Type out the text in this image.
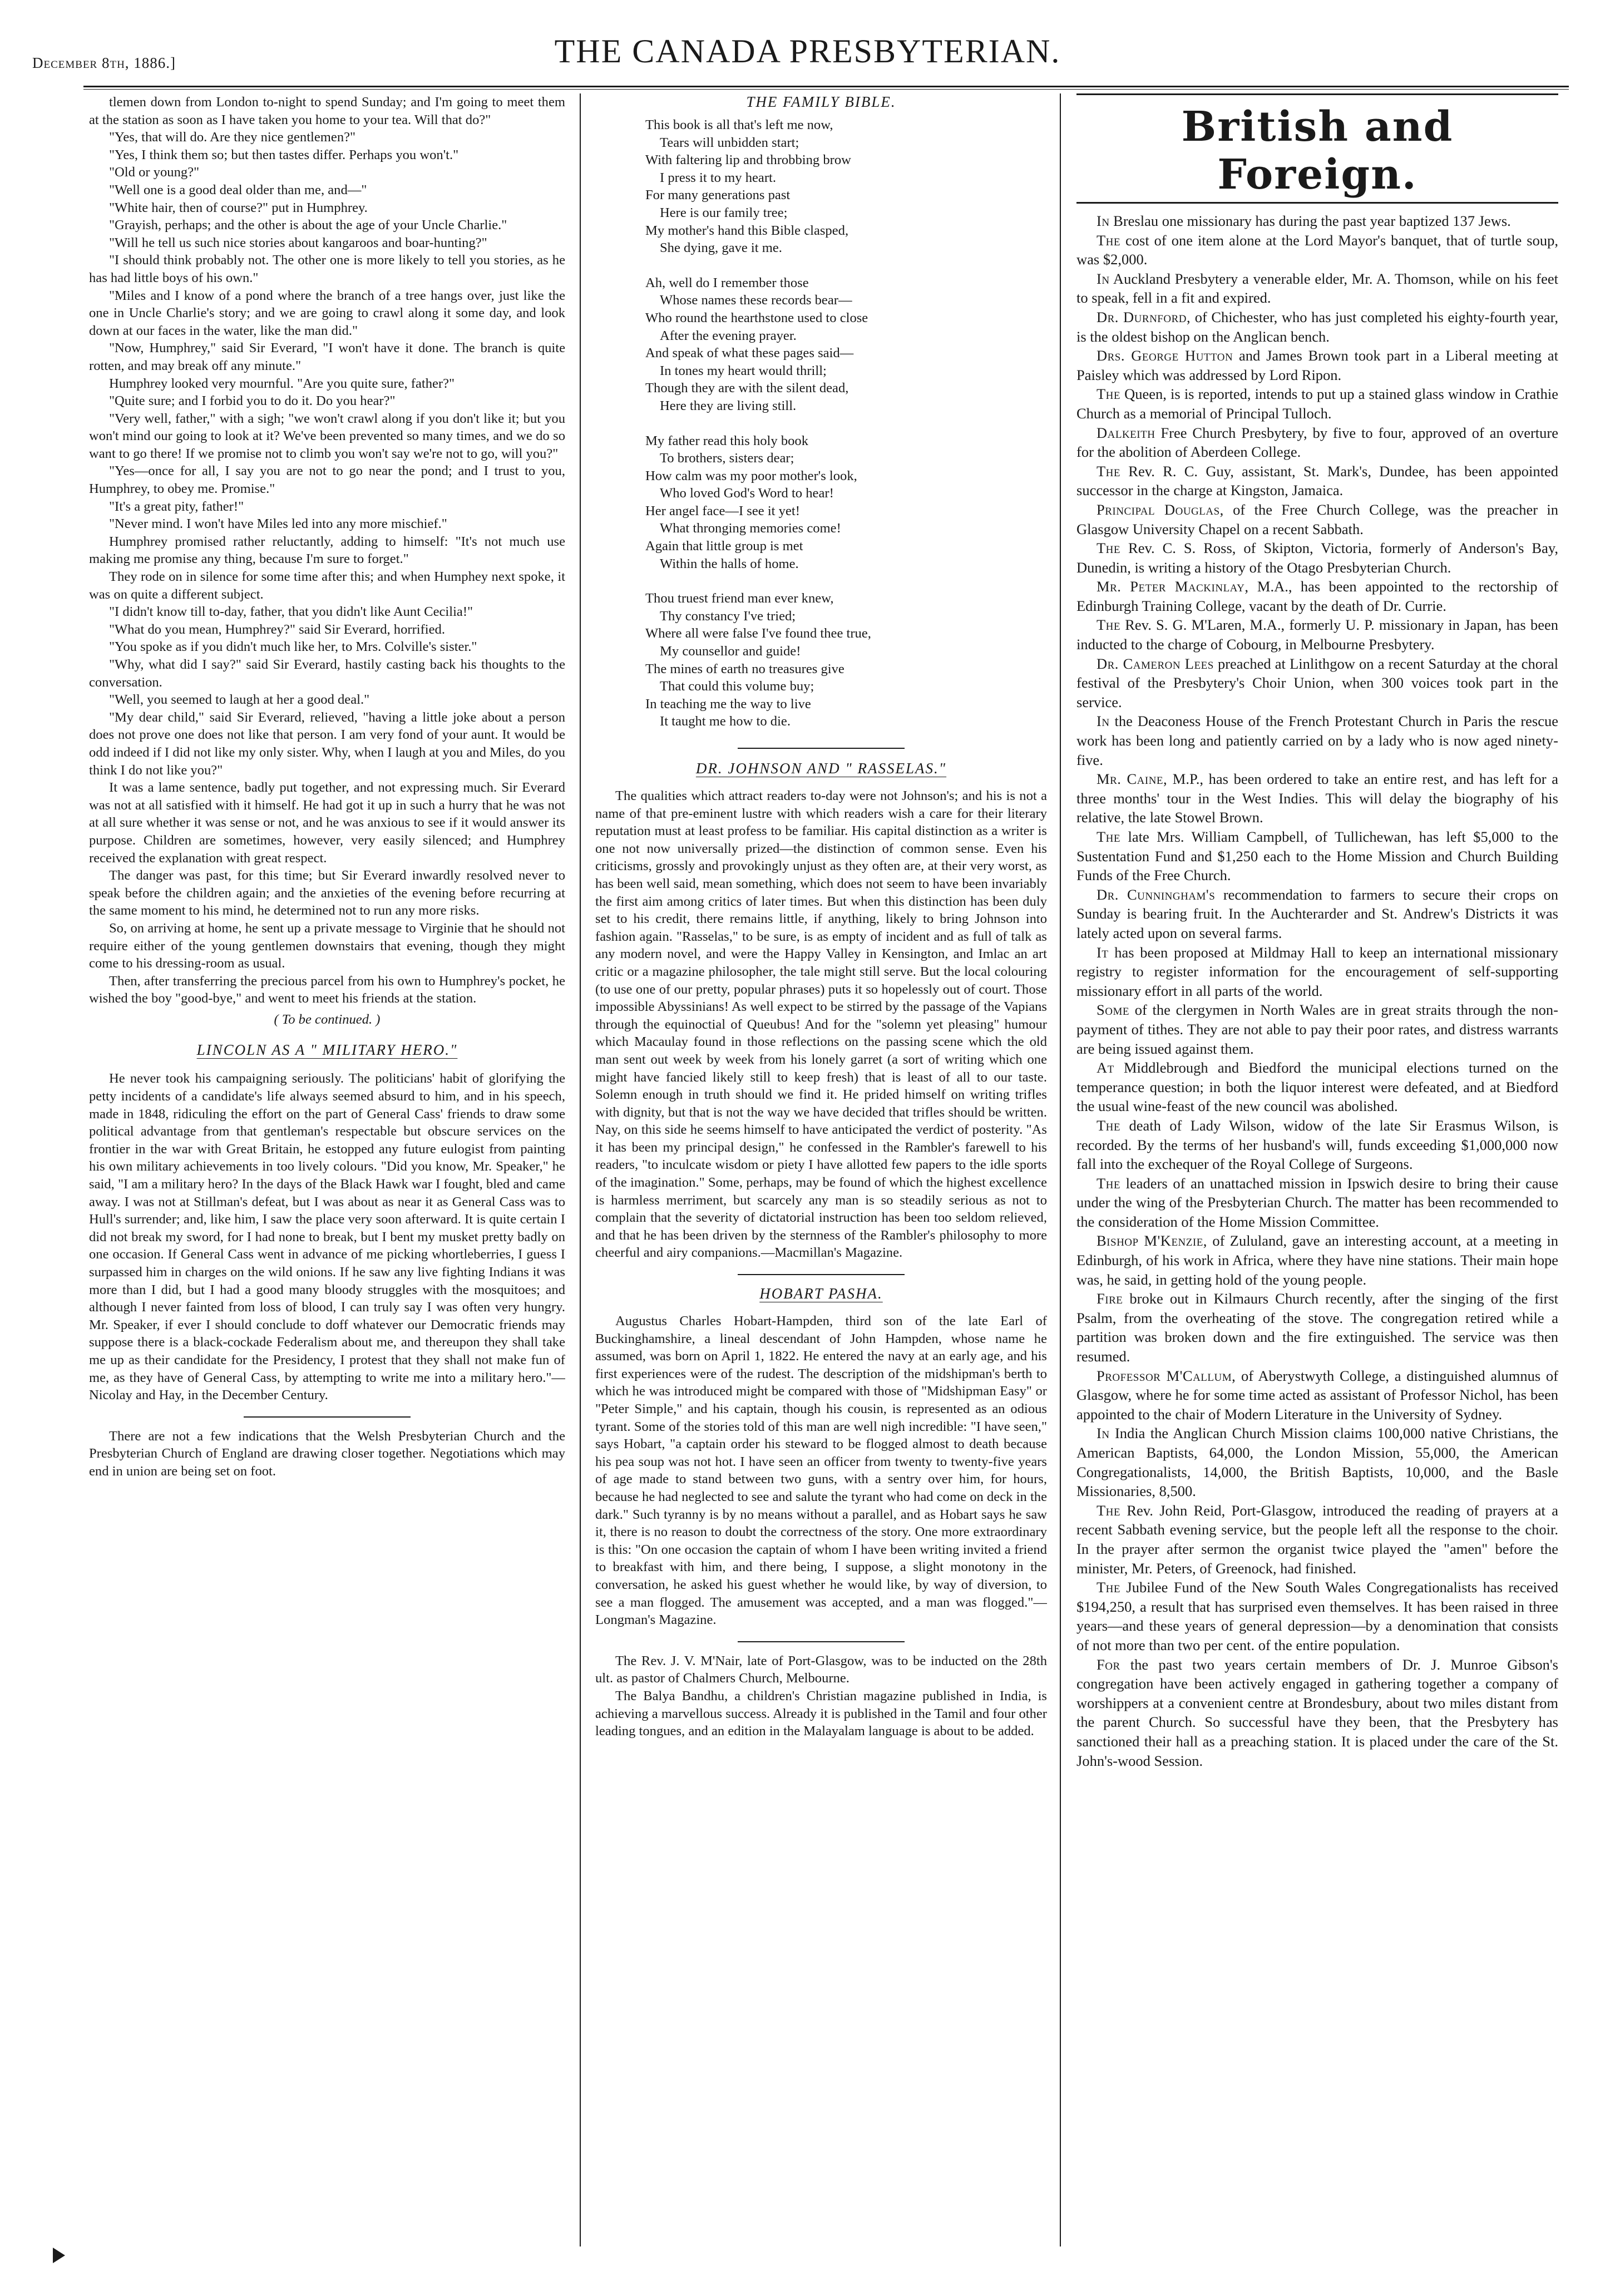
December 8th, 1886.]	THE CANADA PRESBYTERIAN.

tlemen down from London to-night to spend Sunday; and I'm going to meet them at the station as soon as I have taken you home to your tea. Will that do?"

"Yes, that will do. Are they nice gentlemen?"

"Yes, I think them so; but then tastes differ. Perhaps you won't."

"Old or young?"

"Well one is a good deal older than me, and—"

"White hair, then of course?" put in Humphrey.

"Grayish, perhaps; and the other is about the age of your Uncle Charlie."

"Will he tell us such nice stories about kangaroos and boar-hunting?"

"I should think probably not. The other one is more likely to tell you stories, as he has had little boys of his own."

"Miles and I know of a pond where the branch of a tree hangs over, just like the one in Uncle Charlie's story; and we are going to crawl along it some day, and look down at our faces in the water, like the man did."

"Now, Humphrey," said Sir Everard, "I won't have it done. The branch is quite rotten, and may break off any minute."

Humphrey looked very mournful. "Are you quite sure, father?"

"Quite sure; and I forbid you to do it. Do you hear?"

"Very well, father," with a sigh; "we won't crawl along if you don't like it; but you won't mind our going to look at it? We've been prevented so many times, and we do so want to go there! If we promise not to climb you won't say we're not to go, will you?"

"Yes—once for all, I say you are not to go near the pond; and I trust to you, Humphrey, to obey me. Promise."

"It's a great pity, father!"

"Never mind. I won't have Miles led into any more mischief."

Humphrey promised rather reluctantly, adding to himself: "It's not much use making me promise any thing, because I'm sure to forget."

They rode on in silence for some time after this; and when Humphey next spoke, it was on quite a different subject.

"I didn't know till to-day, father, that you didn't like Aunt Cecilia!"

"What do you mean, Humphrey?" said Sir Everard, horrified.

"You spoke as if you didn't much like her, to Mrs. Colville's sister."

"Why, what did I say?" said Sir Everard, hastily casting back his thoughts to the conversation.

"Well, you seemed to laugh at her a good deal."

"My dear child," said Sir Everard, relieved, "having a little joke about a person does not prove one does not like that person. I am very fond of your aunt. It would be odd indeed if I did not like my only sister. Why, when I laugh at you and Miles, do you think I do not like you?"

It was a lame sentence, badly put together, and not expressing much. Sir Everard was not at all satisfied with it himself. He had got it up in such a hurry that he was not at all sure whether it was sense or not, and he was anxious to see if it would answer its purpose. Children are sometimes, however, very easily silenced; and Humphrey received the explanation with great respect.

The danger was past, for this time; but Sir Everard inwardly resolved never to speak before the children again; and the anxieties of the evening before recurring at the same moment to his mind, he determined not to run any more risks.

So, on arriving at home, he sent up a private message to Virginie that he should not require either of the young gentlemen downstairs that evening, though they might come to his dressing-room as usual.

Then, after transferring the precious parcel from his own to Humphrey's pocket, he wished the boy "good-bye," and went to meet his friends at the station.

( To be continued. )

LINCOLN AS A " MILITARY HERO."

He never took his campaigning seriously. The politicians' habit of glorifying the petty incidents of a candidate's life always seemed absurd to him, and in his speech, made in 1848, ridiculing the effort on the part of General Cass' friends to draw some political advantage from that gentleman's respectable but obscure services on the frontier in the war with Great Britain, he estopped any future eulogist from painting his own military achievements in too lively colours. "Did you know, Mr. Speaker," he said, "I am a military hero? In the days of the Black Hawk war I fought, bled and came away. I was not at Stillman's defeat, but I was about as near it as General Cass was to Hull's surrender; and, like him, I saw the place very soon afterward. It is quite certain I did not break my sword, for I had none to break, but I bent my musket pretty badly on one occasion. If General Cass went in advance of me picking whortleberries, I guess I surpassed him in charges on the wild onions. If he saw any live fighting Indians it was more than I did, but I had a good many bloody struggles with the mosquitoes; and although I never fainted from loss of blood, I can truly say I was often very hungry. Mr. Speaker, if ever I should conclude to doff whatever our Democratic friends may suppose there is a black-cockade Federalism about me, and thereupon they shall take me up as their candidate for the Presidency, I protest that they shall not make fun of me, as they have of General Cass, by attempting to write me into a military hero."—Nicolay and Hay, in the December Century.

There are not a few indications that the Welsh Presbyterian Church and the Presbyterian Church of England are drawing closer together. Negotiations which may end in union are being set on foot.

THE FAMILY BIBLE.

This book is all that's left me now,
Tears will unbidden start;
With faltering lip and throbbing brow
I press it to my heart.
For many generations past
Here is our family tree;
My mother's hand this Bible clasped,
She dying, gave it me.
Ah, well do I remember those
Whose names these records bear—
Who round the hearthstone used to close
After the evening prayer.
And speak of what these pages said—
In tones my heart would thrill;
Though they are with the silent dead,
Here they are living still.
My father read this holy book
To brothers, sisters dear;
How calm was my poor mother's look,
Who loved God's Word to hear!
Her angel face—I see it yet!
What thronging memories come!
Again that little group is met
Within the halls of home.
Thou truest friend man ever knew,
Thy constancy I've tried;
Where all were false I've found thee true,
My counsellor and guide!
The mines of earth no treasures give
That could this volume buy;
In teaching me the way to live
It taught me how to die.

DR. JOHNSON AND " RASSELAS."

The qualities which attract readers to-day were not Johnson's; and his is not a name of that pre-eminent lustre with which readers wish a care for their literary reputation must at least profess to be familiar. His capital distinction as a writer is one not now universally prized—the distinction of common sense. Even his criticisms, grossly and provokingly unjust as they often are, at their very worst, as has been well said, mean something, which does not seem to have been invariably the first aim among critics of later times. But when this distinction has been duly set to his credit, there remains little, if anything, likely to bring Johnson into fashion again. "Rasselas," to be sure, is as empty of incident and as full of talk as any modern novel, and were the Happy Valley in Kensington, and Imlac an art critic or a magazine philosopher, the tale might still serve. But the local colouring (to use one of our pretty, popular phrases) puts it so hopelessly out of court. Those impossible Abyssinians! As well expect to be stirred by the passage of the Vapians through the equinoctial of Queubus! And for the "solemn yet pleasing" humour which Macaulay found in those reflections on the passing scene which the old man sent out week by week from his lonely garret (a sort of writing which one might have fancied likely still to keep fresh) that is least of all to our taste. Solemn enough in truth should we find it. He prided himself on writing trifles with dignity, but that is not the way we have decided that trifles should be written. Nay, on this side he seems himself to have anticipated the verdict of posterity. "As it has been my principal design," he confessed in the Rambler's farewell to his readers, "to inculcate wisdom or piety I have allotted few papers to the idle sports of the imagination." Some, perhaps, may be found of which the highest excellence is harmless merriment, but scarcely any man is so steadily serious as not to complain that the severity of dictatorial instruction has been too seldom relieved, and that he has been driven by the sternness of the Rambler's philosophy to more cheerful and airy companions.—Macmillan's Magazine.

HOBART PASHA.

Augustus Charles Hobart-Hampden, third son of the late Earl of Buckinghamshire, a lineal descendant of John Hampden, whose name he assumed, was born on April 1, 1822. He entered the navy at an early age, and his first experiences were of the rudest. The description of the midshipman's berth to which he was introduced might be compared with those of "Midshipman Easy" or "Peter Simple," and his captain, though his cousin, is represented as an odious tyrant. Some of the stories told of this man are well nigh incredible: "I have seen," says Hobart, "a captain order his steward to be flogged almost to death because his pea soup was not hot. I have seen an officer from twenty to twenty-five years of age made to stand between two guns, with a sentry over him, for hours, because he had neglected to see and salute the tyrant who had come on deck in the dark." Such tyranny is by no means without a parallel, and as Hobart says he saw it, there is no reason to doubt the correctness of the story. One more extraordinary is this: "On one occasion the captain of whom I have been writing invited a friend to breakfast with him, and there being, I suppose, a slight monotony in the conversation, he asked his guest whether he would like, by way of diversion, to see a man flogged. The amusement was accepted, and a man was flogged."—Longman's Magazine.

The Rev. J. V. M'Nair, late of Port-Glasgow, was to be inducted on the 28th ult. as pastor of Chalmers Church, Melbourne.

The Balya Bandhu, a children's Christian magazine published in India, is achieving a marvellous success. Already it is published in the Tamil and four other leading tongues, and an edition in the Malayalam language is about to be added.

British and Foreign.

In Breslau one missionary has during the past year baptized 137 Jews.

The cost of one item alone at the Lord Mayor's banquet, that of turtle soup, was $2,000.

In Auckland Presbytery a venerable elder, Mr. A. Thomson, while on his feet to speak, fell in a fit and expired.

Dr. Durnford, of Chichester, who has just completed his eighty-fourth year, is the oldest bishop on the Anglican bench.

Drs. George Hutton and James Brown took part in a Liberal meeting at Paisley which was addressed by Lord Ripon.

The Queen, is is reported, intends to put up a stained glass window in Crathie Church as a memorial of Principal Tulloch.

Dalkeith Free Church Presbytery, by five to four, approved of an overture for the abolition of Aberdeen College.

The Rev. R. C. Guy, assistant, St. Mark's, Dundee, has been appointed successor in the charge at Kingston, Jamaica.

Principal Douglas, of the Free Church College, was the preacher in Glasgow University Chapel on a recent Sabbath.

The Rev. C. S. Ross, of Skipton, Victoria, formerly of Anderson's Bay, Dunedin, is writing a history of the Otago Presbyterian Church.

Mr. Peter Mackinlay, M.A., has been appointed to the rectorship of Edinburgh Training College, vacant by the death of Dr. Currie.

The Rev. S. G. M'Laren, M.A., formerly U. P. missionary in Japan, has been inducted to the charge of Cobourg, in Melbourne Presbytery.

Dr. Cameron Lees preached at Linlithgow on a recent Saturday at the choral festival of the Presbytery's Choir Union, when 300 voices took part in the service.

In the Deaconess House of the French Protestant Church in Paris the rescue work has been long and patiently carried on by a lady who is now aged ninety-five.

Mr. Caine, M.P., has been ordered to take an entire rest, and has left for a three months' tour in the West Indies. This will delay the biography of his relative, the late Stowel Brown.

The late Mrs. William Campbell, of Tullichewan, has left $5,000 to the Sustentation Fund and $1,250 each to the Home Mission and Church Building Funds of the Free Church.

Dr. Cunningham's recommendation to farmers to secure their crops on Sunday is bearing fruit. In the Auchterarder and St. Andrew's Districts it was lately acted upon on several farms.

It has been proposed at Mildmay Hall to keep an international missionary registry to register information for the encouragement of self-supporting missionary effort in all parts of the world.

Some of the clergymen in North Wales are in great straits through the non-payment of tithes. They are not able to pay their poor rates, and distress warrants are being issued against them.

At Middlebrough and Biedford the municipal elections turned on the temperance question; in both the liquor interest were defeated, and at Biedford the usual wine-feast of the new council was abolished.

The death of Lady Wilson, widow of the late Sir Erasmus Wilson, is recorded. By the terms of her husband's will, funds exceeding $1,000,000 now fall into the exchequer of the Royal College of Surgeons.

The leaders of an unattached mission in Ipswich desire to bring their cause under the wing of the Presbyterian Church. The matter has been recommended to the consideration of the Home Mission Committee.

Bishop M'Kenzie, of Zululand, gave an interesting account, at a meeting in Edinburgh, of his work in Africa, where they have nine stations. Their main hope was, he said, in getting hold of the young people.

Fire broke out in Kilmaurs Church recently, after the singing of the first Psalm, from the overheating of the stove. The congregation retired while a partition was broken down and the fire extinguished. The service was then resumed.

Professor M'Callum, of Aberystwyth College, a distinguished alumnus of Glasgow, where he for some time acted as assistant of Professor Nichol, has been appointed to the chair of Modern Literature in the University of Sydney.

In India the Anglican Church Mission claims 100,000 native Christians, the American Baptists, 64,000, the London Mission, 55,000, the American Congregationalists, 14,000, the British Baptists, 10,000, and the Basle Missionaries, 8,500.

The Rev. John Reid, Port-Glasgow, introduced the reading of prayers at a recent Sabbath evening service, but the people left all the response to the choir. In the prayer after sermon the organist twice played the "amen" before the minister, Mr. Peters, of Greenock, had finished.

The Jubilee Fund of the New South Wales Congregationalists has received $194,250, a result that has surprised even themselves. It has been raised in three years—and these years of general depression—by a denomination that consists of not more than two per cent. of the entire population.

For the past two years certain members of Dr. J. Munroe Gibson's congregation have been actively engaged in gathering together a company of worshippers at a convenient centre at Brondesbury, about two miles distant from the parent Church. So successful have they been, that the Presbytery has sanctioned their hall as a preaching station. It is placed under the care of the St. John's-wood Session.
